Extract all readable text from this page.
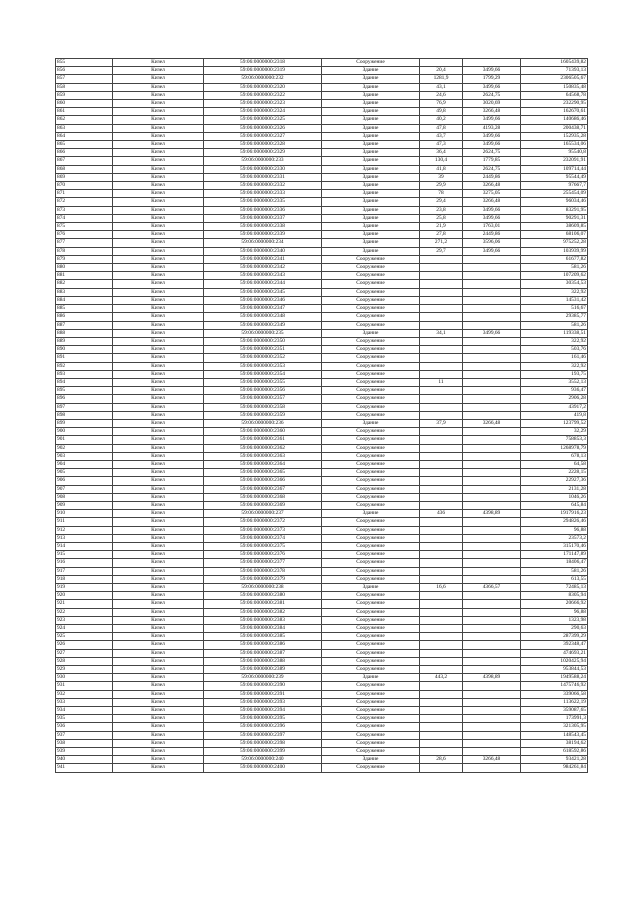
855	Кизел	59:06:0000000:2318	Сооружение			1605439,82
856	Кизел	59:06:0000000:2319	Здание	20,4	3499,66	71393,13
857	Кизел	59:06:0000000:232	Здание	1281,9	1799,29	2306505,67
858	Кизел	59:06:0000000:2320	Здание	43,1	3499,66	150835,48
859	Кизел	59:06:0000000:2322	Здание	24,6	2624,75	64568,78
860	Кизел	59:06:0000000:2323	Здание	76,9	3020,69	232290,95
861	Кизел	59:06:0000000:2324	Здание	49,8	3266,48	162670,61
862	Кизел	59:06:0000000:2325	Здание	40,2	3499,66	140686,46
863	Кизел	59:06:0000000:2326	Здание	47,8	4193,28	200438,71
864	Кизел	59:06:0000000:2327	Здание	43,7	3499,66	152935,28
865	Кизел	59:06:0000000:2328	Здание	47,3	3499,66	165534,06
866	Кизел	59:06:0000000:2329	Здание	36,4	2624,75	95540,8
867	Кизел	59:06:0000000:233	Здание	130,4	1779,85	232091,91
868	Кизел	59:06:0000000:2330	Здание	41,8	2624,75	109714,44
869	Кизел	59:06:0000000:2331	Здание	39	2449,86	95544,49
870	Кизел	59:06:0000000:2332	Здание	29,9	3266,48	97667,7
871	Кизел	59:06:0000000:2333	Здание	78	3275,05	255454,09
872	Кизел	59:06:0000000:2335	Здание	29,4	3266,48	96034,46
873	Кизел	59:06:0000000:2336	Здание	23,8	3499,66	83291,95
874	Кизел	59:06:0000000:2337	Здание	25,8	3499,66	90291,31
875	Кизел	59:06:0000000:2338	Здание	21,9	1763,01	38609,85
876	Кизел	59:06:0000000:2339	Здание	27,8	2449,86	68106,07
877	Кизел	59:06:0000000:234	Здание	271,2	3596,06	975252,28
878	Кизел	59:06:0000000:2340	Здание	29,7	3499,66	103939,99
879	Кизел	59:06:0000000:2341	Сооружение			61677,82
880	Кизел	59:06:0000000:2342	Сооружение			581,26
881	Кизел	59:06:0000000:2343	Сооружение			107209,62
882	Кизел	59:06:0000000:2344	Сооружение			30354,53
883	Кизел	59:06:0000000:2345	Сооружение			322,92
884	Кизел	59:06:0000000:2346	Сооружение			14531,42
885	Кизел	59:06:0000000:2347	Сооружение			516,67
886	Кизел	59:06:0000000:2348	Сооружение			29385,77
887	Кизел	59:06:0000000:2349	Сооружение			581,26
888	Кизел	59:06:0000000:235	Здание	34,1	3499,66	119338,51
889	Кизел	59:06:0000000:2350	Сооружение			322,92
890	Кизел	59:06:0000000:2351	Сооружение			503,76
891	Кизел	59:06:0000000:2352	Сооружение			161,46
892	Кизел	59:06:0000000:2353	Сооружение			322,92
893	Кизел	59:06:0000000:2354	Сооружение			193,75
894	Кизел	59:06:0000000:2355	Сооружение	11		3552,13
895	Кизел	59:06:0000000:2356	Сооружение			936,47
896	Кизел	59:06:0000000:2357	Сооружение			2906,28
897	Кизел	59:06:0000000:2358	Сооружение			43917,2
898	Кизел	59:06:0000000:2359	Сооружение			419,8
899	Кизел	59:06:0000000:236	Здание	37,9	3266,48	123799,52
900	Кизел	59:06:0000000:2360	Сооружение			32,29
901	Кизел	59:06:0000000:2361	Сооружение			758853,3
902	Кизел	59:06:0000000:2362	Сооружение			1268978,79
903	Кизел	59:06:0000000:2363	Сооружение			678,13
904	Кизел	59:06:0000000:2364	Сооружение			64,58
905	Кизел	59:06:0000000:2365	Сооружение			2228,15
906	Кизел	59:06:0000000:2366	Сооружение			22927,36
907	Кизел	59:06:0000000:2367	Сооружение			2131,28
908	Кизел	59:06:0000000:2368	Сооружение			1046,26
909	Кизел	59:06:0000000:2369	Сооружение			645,84
910	Кизел	59:06:0000000:237	Здание	436	4398,89	1917916,23
911	Кизел	59:06:0000000:2372	Сооружение			294826,46
912	Кизел	59:06:0000000:2373	Сооружение			96,88
913	Кизел	59:06:0000000:2374	Сооружение			23573,2
914	Кизел	59:06:0000000:2375	Сооружение			315170,46
915	Кизел	59:06:0000000:2376	Сооружение			171147,89
916	Кизел	59:06:0000000:2377	Сооружение			18406,47
917	Кизел	59:06:0000000:2378	Сооружение			581,26
918	Кизел	59:06:0000000:2379	Сооружение			613,55
919	Кизел	59:06:0000000:238	Здание	16,6	4366,57	72485,13
920	Кизел	59:06:0000000:2380	Сооружение			8305,94
921	Кизел	59:06:0000000:2381	Сооружение			20666,92
922	Кизел	59:06:0000000:2382	Сооружение			96,88
923	Кизел	59:06:0000000:2383	Сооружение			1323,98
924	Кизел	59:06:0000000:2384	Сооружение			290,63
925	Кизел	59:06:0000000:2385	Сооружение			287399,29
926	Кизел	59:06:0000000:2386	Сооружение			392348,47
927	Кизел	59:06:0000000:2387	Сооружение			474693,21
928	Кизел	59:06:0000000:2388	Сооружение			1020425,94
929	Кизел	59:06:0000000:2389	Сооружение			953844,53
930	Кизел	59:06:0000000:239	Здание	443,2	4398,89	1949588,24
931	Кизел	59:06:0000000:2390	Сооружение			1475746,92
932	Кизел	59:06:0000000:2391	Сооружение			339066,58
933	Кизел	59:06:0000000:2393	Сооружение			113622,19
934	Кизел	59:06:0000000:2394	Сооружение			359087,65
935	Кизел	59:06:0000000:2395	Сооружение			173991,3
936	Кизел	59:06:0000000:2396	Сооружение			321305,95
937	Кизел	59:06:0000000:2397	Сооружение			148543,45
938	Кизел	59:06:0000000:2398	Сооружение			38194,62
939	Кизел	59:06:0000000:2399	Сооружение			618592,86
940	Кизел	59:06:0000000:240	Здание	28,6	3266,48	93421,28
941	Кизел	59:06:0000000:2400	Сооружение			984261,84
